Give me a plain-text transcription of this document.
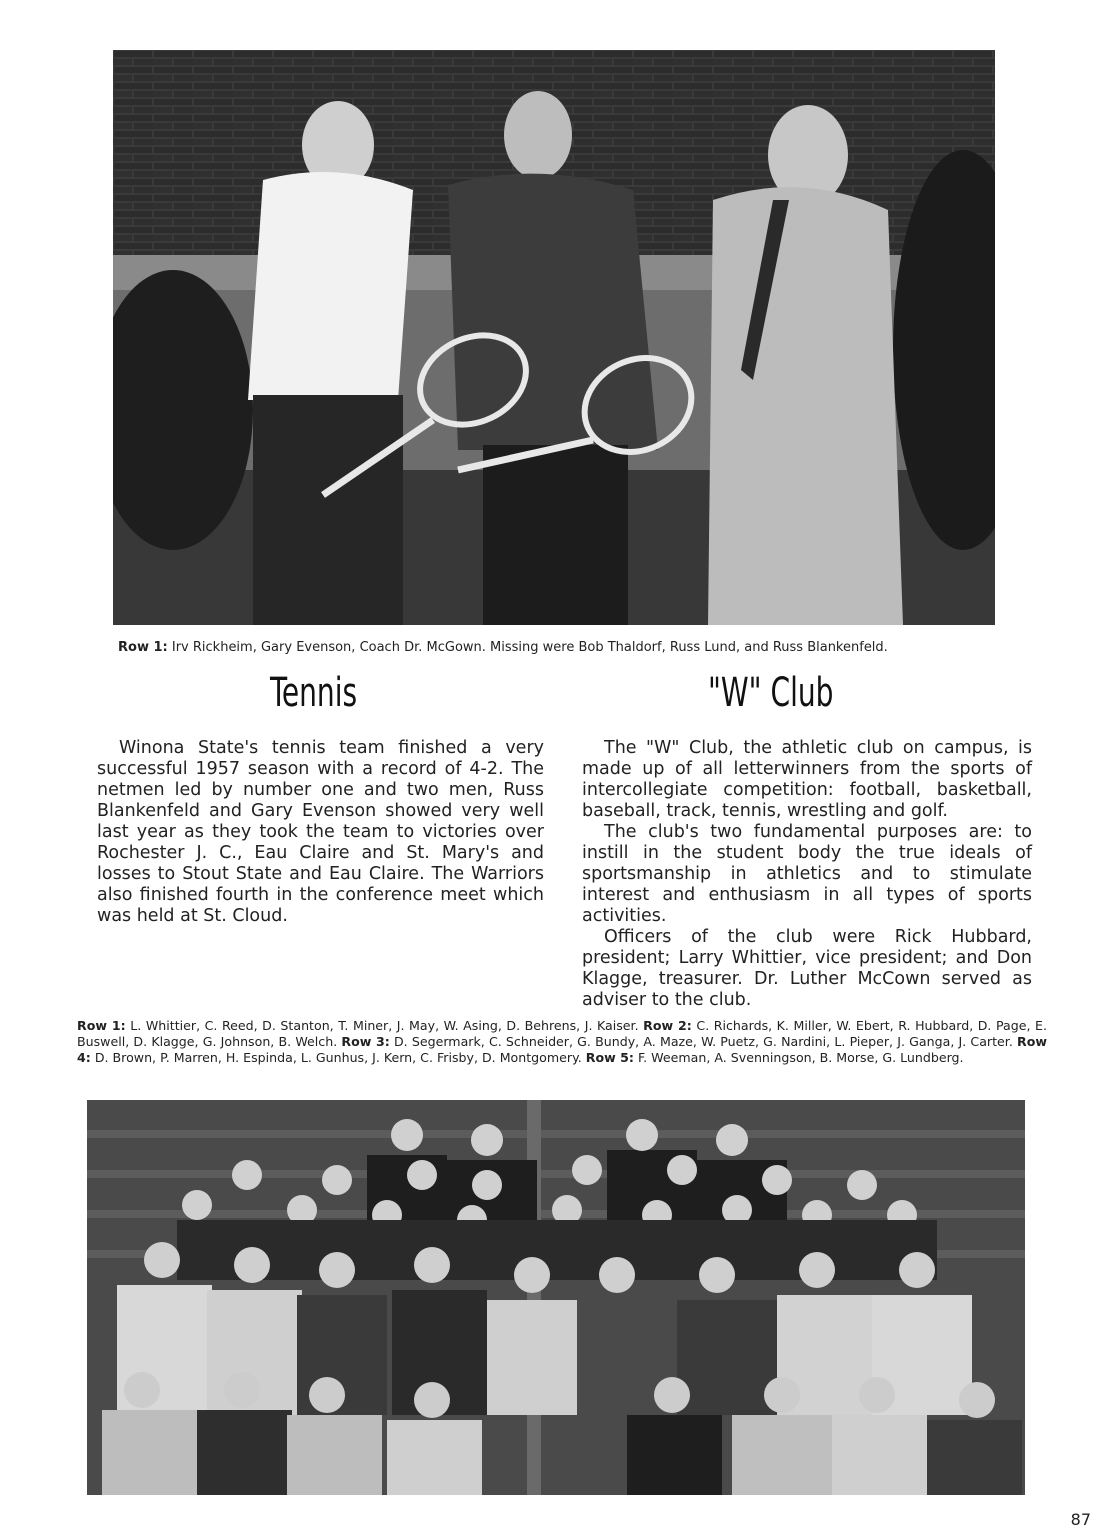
Row 1: Irv Rickheim, Gary Evenson, Coach Dr. McGown. Missing were Bob Thaldorf, Russ Lund, and Russ Blankenfeld.
Tennis	"W" Club

Winona State's tennis team finished a very successful 1957 season with a record of 4-2. The netmen led by number one and two men, Russ Blankenfeld and Gary Evenson showed very well last year as they took the team to victories over Rochester J. C., Eau Claire and St. Mary's and losses to Stout State and Eau Claire. The Warriors also finished fourth in the conference meet which was held at St. Cloud.

The "W" Club, the athletic club on campus, is made up of all letterwinners from the sports of intercollegiate competition: football, basketball, baseball, track, tennis, wrestling and golf.

The club's two fundamental purposes are: to instill in the student body the true ideals of sportsmanship in athletics and to stimulate interest and enthusiasm in all types of sports activities.

Officers of the club were Rick Hubbard, president; Larry Whittier, vice president; and Don Klagge, treasurer. Dr. Luther McCown served as adviser to the club.

Row 1: L. Whittier, C. Reed, D. Stanton, T. Miner, J. May, W. Asing, D. Behrens, J. Kaiser. Row 2: C. Richards, K. Miller, W. Ebert, R. Hubbard, D. Page, E. Buswell, D. Klagge, G. Johnson, B. Welch. Row 3: D. Segermark, C. Schneider, G. Bundy, A. Maze, W. Puetz, G. Nardini, L. Pieper, J. Ganga, J. Carter. Row 4: D. Brown, P. Marren, H. Espinda, L. Gunhus, J. Kern, C. Frisby, D. Montgomery. Row 5: F. Weeman, A. Svenningson, B. Morse, G. Lundberg.
87
